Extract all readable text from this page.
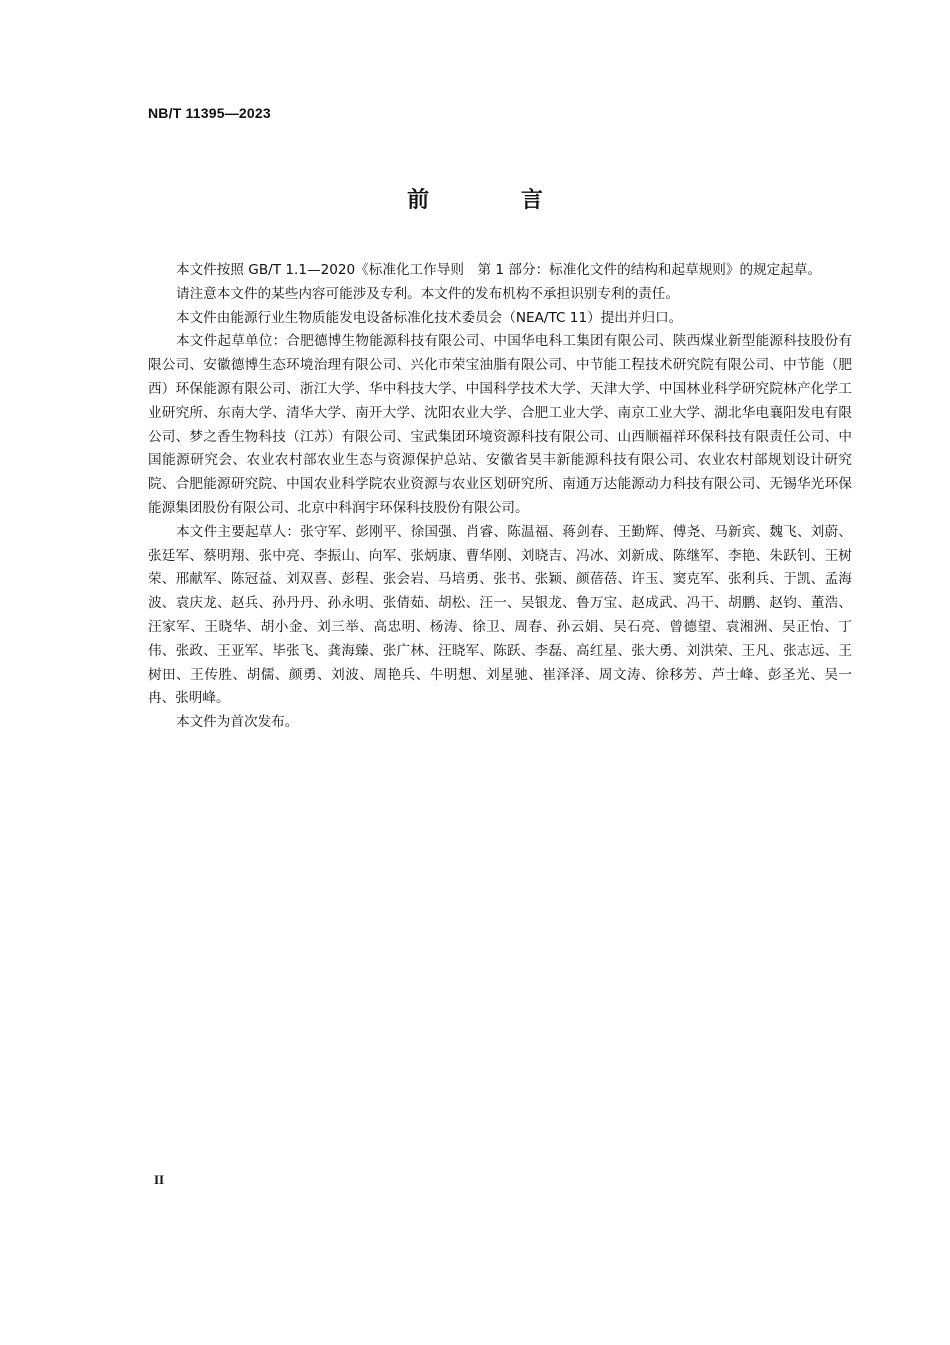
NB/T 11395—2023
前 言

本文件按照 GB/T 1.1—2020《标准化工作导则　第 1 部分：标准化文件的结构和起草规则》的规定起草。

请注意本文件的某些内容可能涉及专利。本文件的发布机构不承担识别专利的责任。

本文件由能源行业生物质能发电设备标准化技术委员会（NEA/TC 11）提出并归口。

本文件起草单位：合肥德博生物能源科技有限公司、中国华电科工集团有限公司、陕西煤业新型能源科技股份有限公司、安徽德博生态环境治理有限公司、兴化市荣宝油脂有限公司、中节能工程技术研究院有限公司、中节能（肥西）环保能源有限公司、浙江大学、华中科技大学、中国科学技术大学、天津大学、中国林业科学研究院林产化学工业研究所、东南大学、清华大学、南开大学、沈阳农业大学、合肥工业大学、南京工业大学、湖北华电襄阳发电有限公司、梦之香生物科技（江苏）有限公司、宝武集团环境资源科技有限公司、山西顺福祥环保科技有限责任公司、中国能源研究会、农业农村部农业生态与资源保护总站、安徽省昊丰新能源科技有限公司、农业农村部规划设计研究院、合肥能源研究院、中国农业科学院农业资源与农业区划研究所、南通万达能源动力科技有限公司、无锡华光环保能源集团股份有限公司、北京中科润宇环保科技股份有限公司。

本文件主要起草人：张守军、彭刚平、徐国强、肖睿、陈温福、蒋剑春、王勤辉、傅尧、马新宾、魏飞、刘蔚、张廷军、蔡明翔、张中亮、李振山、向军、张炳康、曹华刚、刘晓吉、冯冰、刘新成、陈继军、李艳、朱跃钊、王树荣、邢献军、陈冠益、刘双喜、彭程、张会岩、马培勇、张书、张颖、颜蓓蓓、许玉、窦克军、张利兵、于凯、孟海波、袁庆龙、赵兵、孙丹丹、孙永明、张倩茹、胡松、汪一、吴银龙、鲁万宝、赵成武、冯干、胡鹏、赵钧、董浩、汪家军、王晓华、胡小金、刘三举、高忠明、杨涛、徐卫、周春、孙云娟、吴石亮、曾德望、袁湘洲、吴正怡、丁伟、张政、王亚军、毕张飞、龚海臻、张广林、汪晓军、陈跃、李磊、高红星、张大勇、刘洪荣、王凡、张志远、王树田、王传胜、胡儒、颜勇、刘波、周艳兵、牛明想、刘星驰、崔泽泽、周文涛、徐移芳、芦士峰、彭圣光、吴一冉、张明峰。

本文件为首次发布。

II
